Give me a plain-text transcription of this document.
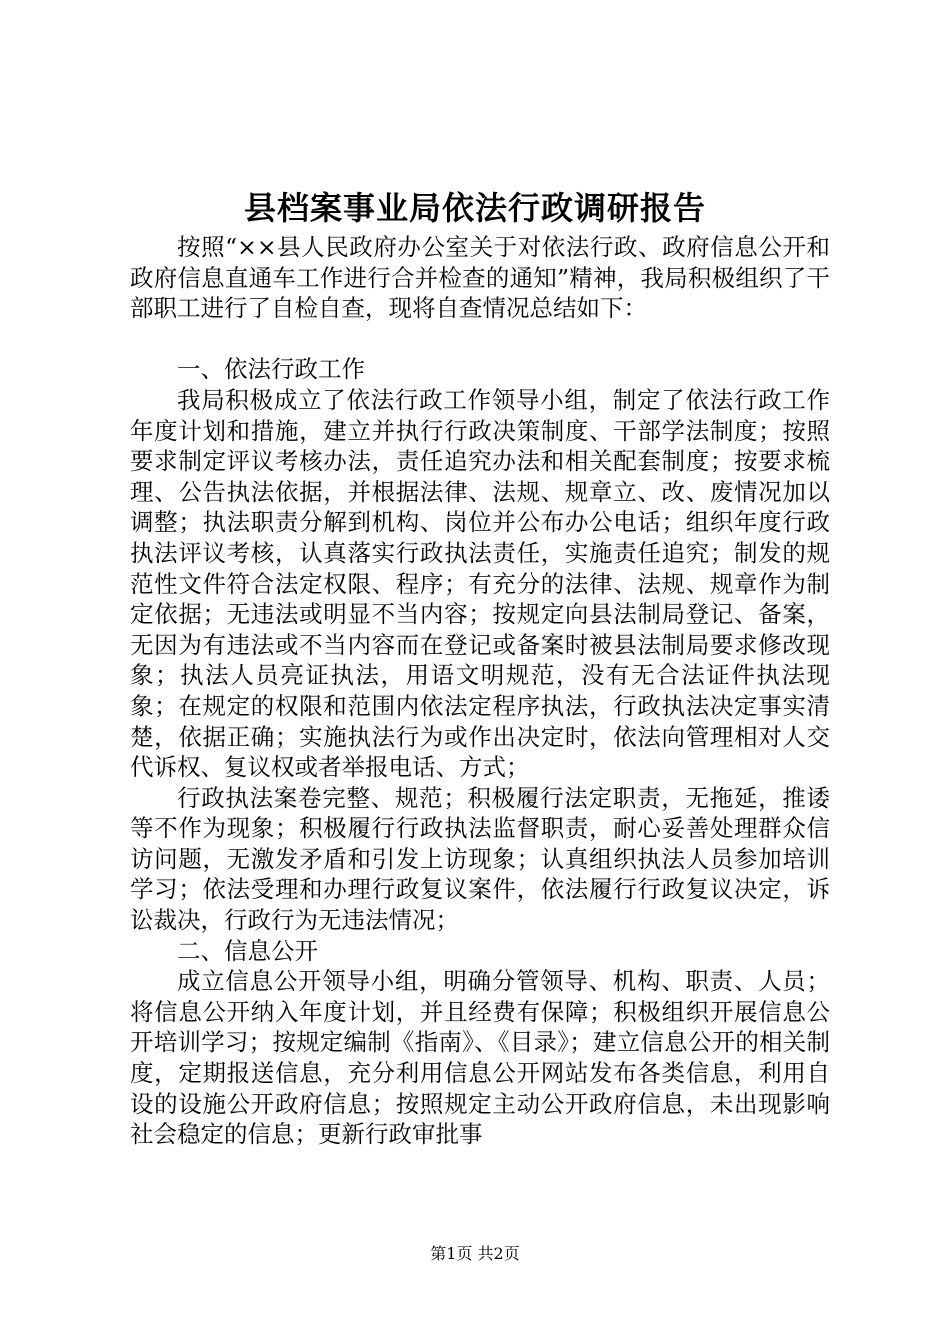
县档案事业局依法行政调研报告

按照“××县人民政府办公室关于对依法行政、政府信息公开和政府信息直通车工作进行合并检查的通知”精神，我局积极组织了干部职工进行了自检自查，现将自查情况总结如下：

一、依法行政工作

我局积极成立了依法行政工作领导小组，制定了依法行政工作年度计划和措施，建立并执行行政决策制度、干部学法制度；按照要求制定评议考核办法，责任追究办法和相关配套制度；按要求梳理、公告执法依据，并根据法律、法规、规章立、改、废情况加以调整；执法职责分解到机构、岗位并公布办公电话；组织年度行政执法评议考核，认真落实行政执法责任，实施责任追究；制发的规范性文件符合法定权限、程序；有充分的法律、法规、规章作为制定依据；无违法或明显不当内容；按规定向县法制局登记、备案，无因为有违法或不当内容而在登记或备案时被县法制局要求修改现象；执法人员亮证执法，用语文明规范，没有无合法证件执法现象；在规定的权限和范围内依法定程序执法，行政执法决定事实清楚，依据正确；实施执法行为或作出决定时，依法向管理相对人交代诉权、复议权或者举报电话、方式；

行政执法案卷完整、规范；积极履行法定职责，无拖延，推诿等不作为现象；积极履行行政执法监督职责，耐心妥善处理群众信访问题，无激发矛盾和引发上访现象；认真组织执法人员参加培训学习；依法受理和办理行政复议案件，依法履行行政复议决定，诉讼裁决，行政行为无违法情况；

二、信息公开

成立信息公开领导小组，明确分管领导、机构、职责、人员；将信息公开纳入年度计划，并且经费有保障；积极组织开展信息公开培训学习；按规定编制《指南》、《目录》；建立信息公开的相关制度，定期报送信息，充分利用信息公开网站发布各类信息，利用自设的设施公开政府信息；按照规定主动公开政府信息，未出现影响社会稳定的信息；更新行政审批事

第1页 共2页
